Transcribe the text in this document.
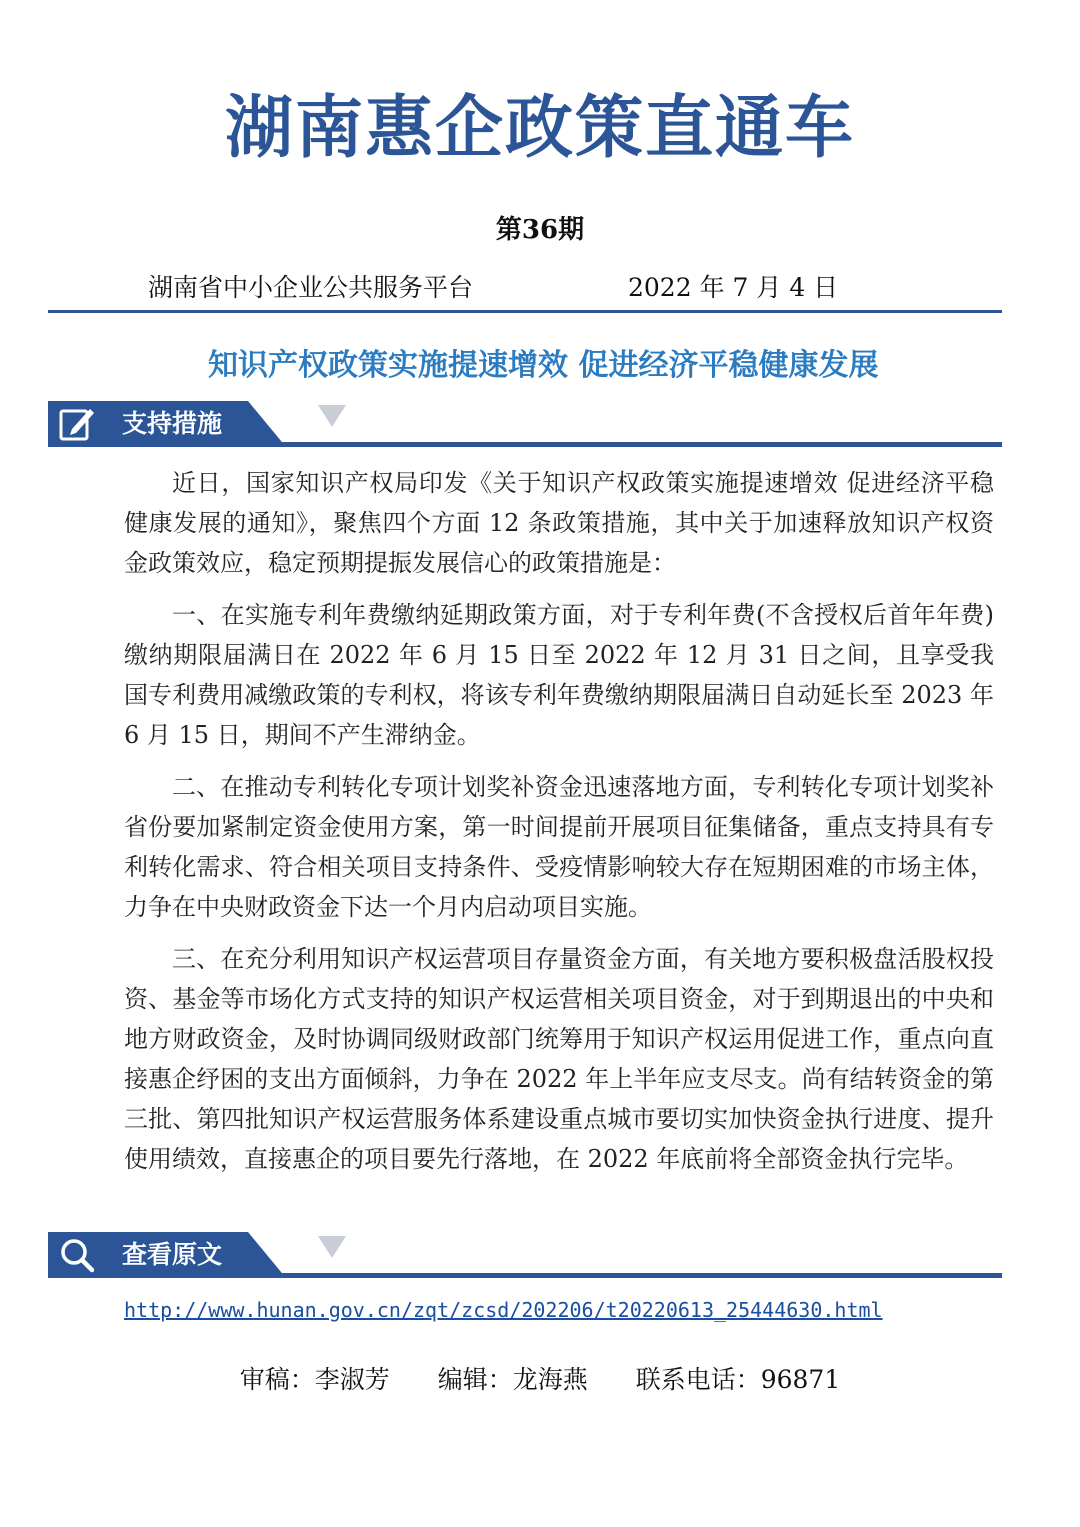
湖南惠企政策直通车
第36期
湖南省中小企业公共服务平台	2022 年 7 月 4 日
知识产权政策实施提速增效 促进经济平稳健康发展
支持措施

近日，国家知识产权局印发《关于知识产权政策实施提速增效 促进经济平稳健康发展的通知》，聚焦四个方面 12 条政策措施，其中关于加速释放知识产权资金政策效应，稳定预期提振发展信心的政策措施是：

一、在实施专利年费缴纳延期政策方面，对于专利年费(不含授权后首年年费)缴纳期限届满日在 2022 年 6 月 15 日至 2022 年 12 月 31 日之间，且享受我国专利费用减缴政策的专利权，将该专利年费缴纳期限届满日自动延长至 2023 年 6 月 15 日，期间不产生滞纳金。

二、在推动专利转化专项计划奖补资金迅速落地方面，专利转化专项计划奖补省份要加紧制定资金使用方案，第一时间提前开展项目征集储备，重点支持具有专利转化需求、符合相关项目支持条件、受疫情影响较大存在短期困难的市场主体，力争在中央财政资金下达一个月内启动项目实施。

三、在充分利用知识产权运营项目存量资金方面，有关地方要积极盘活股权投资、基金等市场化方式支持的知识产权运营相关项目资金，对于到期退出的中央和地方财政资金，及时协调同级财政部门统筹用于知识产权运用促进工作，重点向直接惠企纾困的支出方面倾斜，力争在 2022 年上半年应支尽支。尚有结转资金的第三批、第四批知识产权运营服务体系建设重点城市要切实加快资金执行进度、提升使用绩效，直接惠企的项目要先行落地，在 2022 年底前将全部资金执行完毕。

查看原文
http://www.hunan.gov.cn/zqt/zcsd/202206/t20220613_25444630.html
审稿：李淑芳 编辑：龙海燕 联系电话：96871
